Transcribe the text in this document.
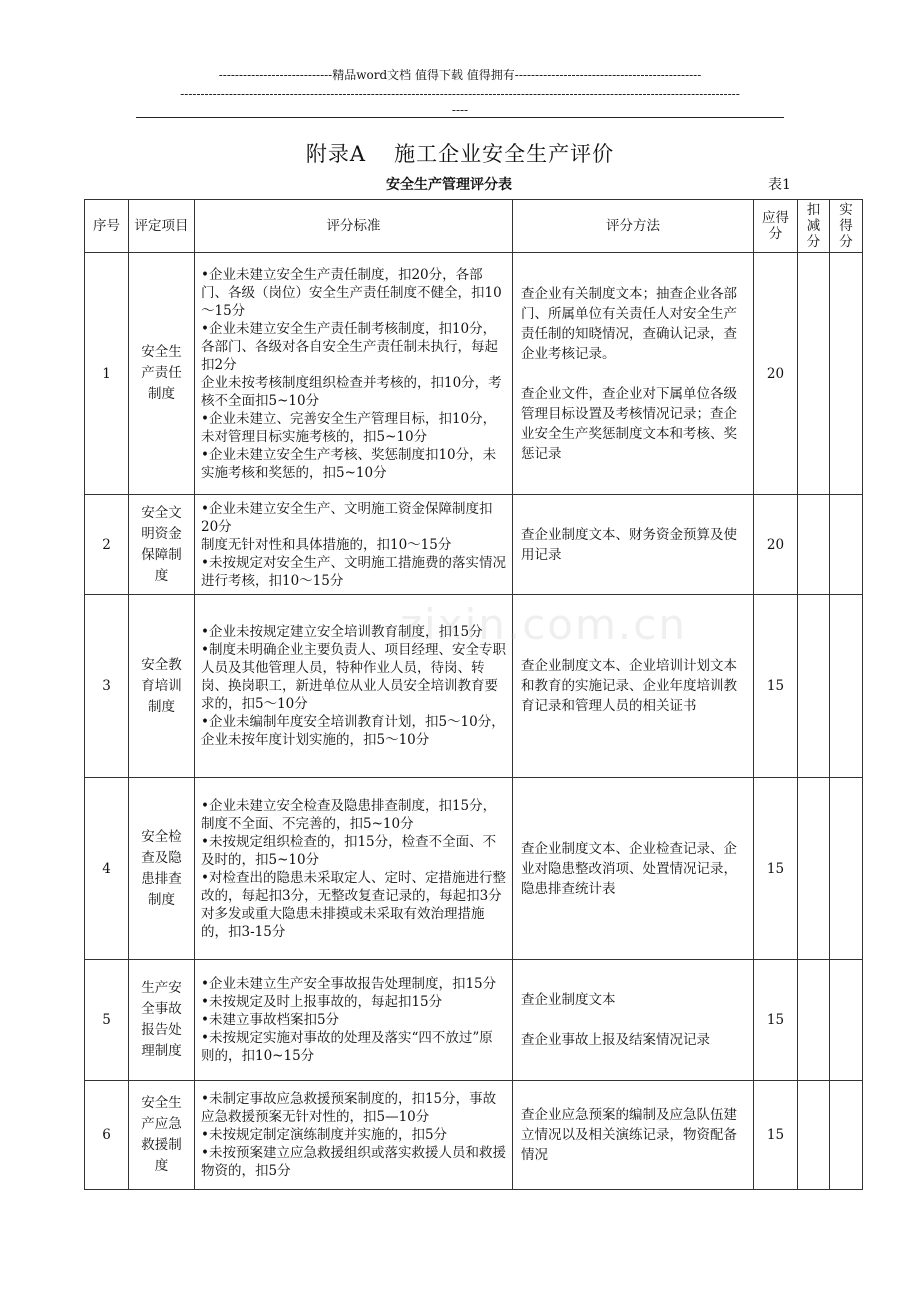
----------------------------精品word文档 值得下载 值得拥有----------------------------------------------
------------------------------------------------------------------------------------------------------------------------------------------
----
附录A 施工企业安全生产评价
安全生产管理评分表	表1
序号	评定项目	评分标准	评分方法	应得分	扣减分	实得分
1	安全生产责任制度	•企业未建立安全生产责任制度，扣20分，各部门、各级（岗位）安全生产责任制度不健全，扣10～15分
•企业未建立安全生产责任制考核制度，扣10分，各部门、各级对各自安全生产责任制未执行，每起扣2分
企业未按考核制度组织检查并考核的，扣10分，考核不全面扣5~10分
•企业未建立、完善安全生产管理目标，扣10分，未对管理目标实施考核的，扣5~10分
•企业未建立安全生产考核、奖惩制度扣10分，未实施考核和奖惩的，扣5~10分	查企业有关制度文本；抽查企业各部门、所属单位有关责任人对安全生产责任制的知晓情况，查确认记录，查企业考核记录。
查企业文件，查企业对下属单位各级管理目标设置及考核情况记录；查企业安全生产奖惩制度文本和考核、奖惩记录	20		
2	安全文明资金保障制度	•企业未建立安全生产、文明施工资金保障制度扣20分
制度无针对性和具体措施的，扣10～15分
•未按规定对安全生产、文明施工措施费的落实情况进行考核，扣10～15分	查企业制度文本、财务资金预算及使用记录	20		
3	安全教育培训制度	•企业未按规定建立安全培训教育制度，扣15分
•制度未明确企业主要负责人、项目经理、安全专职人员及其他管理人员，特种作业人员，待岗、转岗、换岗职工，新进单位从业人员安全培训教育要求的，扣5～10分
•企业未编制年度安全培训教育计划，扣5～10分，企业未按年度计划实施的，扣5～10分	查企业制度文本、企业培训计划文本和教育的实施记录、企业年度培训教育记录和管理人员的相关证书	15		
4	安全检查及隐患排查制度	•企业未建立安全检查及隐患排查制度，扣15分，制度不全面、不完善的，扣5~10分
•未按规定组织检查的，扣15分，检查不全面、不及时的，扣5~10分
•对检查出的隐患未采取定人、定时、定措施进行整改的，每起扣3分，无整改复查记录的，每起扣3分
对多发或重大隐患未排摸或未采取有效治理措施的，扣3-15分	查企业制度文本、企业检查记录、企业对隐患整改消项、处置情况记录，隐患排查统计表	15		
5	生产安全事故报告处理制度	•企业未建立生产安全事故报告处理制度，扣15分
•未按规定及时上报事故的，每起扣15分
•未建立事故档案扣5分
•未按规定实施对事故的处理及落实“四不放过”原则的，扣10~15分	查企业制度文本
查企业事故上报及结案情况记录	15		
6	安全生产应急救援制度	•未制定事故应急救援预案制度的，扣15分，事故应急救援预案无针对性的，扣5—10分
•未按规定制定演练制度并实施的，扣5分
•未按预案建立应急救援组织或落实救援人员和救援物资的，扣5分	查企业应急预案的编制及应急队伍建立情况以及相关演练记录，物资配备情况	15		
zixin.com.cn
